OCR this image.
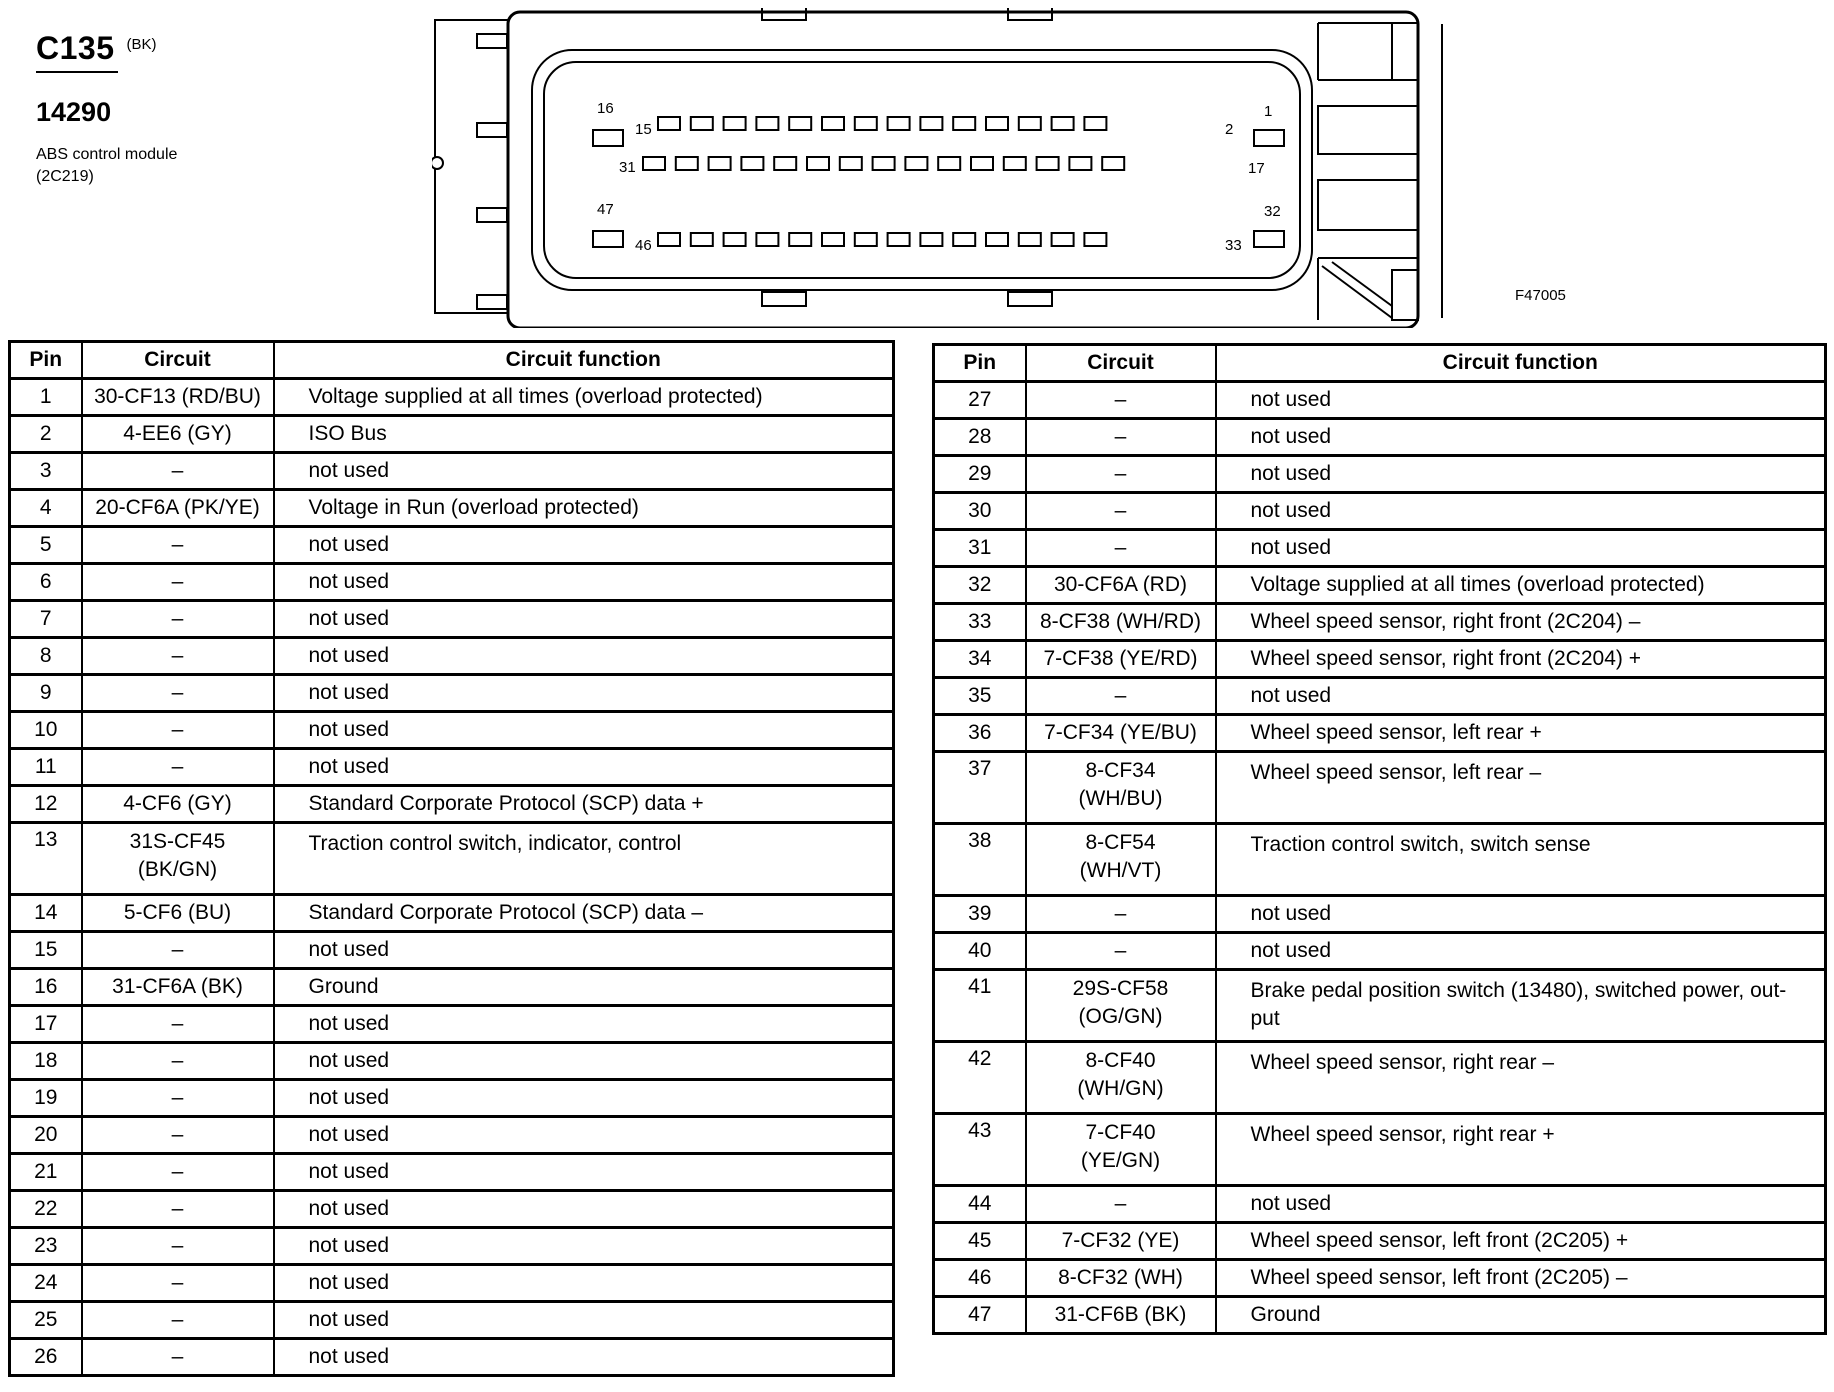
C135 (BK)
14290
ABS control module
(2C219)
16
15	2
1
31	17
47
46	33
32
F47005
Pin	Circuit	Circuit function
1	30-CF13 (RD/BU)	Voltage supplied at all times (overload protected)
2	4-EE6 (GY)	ISO Bus
3	–	not used
4	20-CF6A (PK/YE)	Voltage in Run (overload protected)
5	–	not used
6	–	not used
7	–	not used
8	–	not used
9	–	not used
10	–	not used
11	–	not used
12	4-CF6 (GY)	Standard Corporate Protocol (SCP) data +
13	31S-CF45
(BK/GN)	Traction control switch, indicator, control
14	5-CF6 (BU)	Standard Corporate Protocol (SCP) data –
15	–	not used
16	31-CF6A (BK)	Ground
17	–	not used
18	–	not used
19	–	not used
20	–	not used
21	–	not used
22	–	not used
23	–	not used
24	–	not used
25	–	not used
26	–	not used
Pin	Circuit	Circuit function
27	–	not used
28	–	not used
29	–	not used
30	–	not used
31	–	not used
32	30-CF6A (RD)	Voltage supplied at all times (overload protected)
33	8-CF38 (WH/RD)	Wheel speed sensor, right front (2C204) –
34	7-CF38 (YE/RD)	Wheel speed sensor, right front (2C204) +
35	–	not used
36	7-CF34 (YE/BU)	Wheel speed sensor, left rear +
37	8-CF34
(WH/BU)	Wheel speed sensor, left rear –
38	8-CF54
(WH/VT)	Traction control switch, switch sense
39	–	not used
40	–	not used
41	29S-CF58
(OG/GN)	Brake pedal position switch (13480), switched power, out-put
42	8-CF40
(WH/GN)	Wheel speed sensor, right rear –
43	7-CF40
(YE/GN)	Wheel speed sensor, right rear +
44	–	not used
45	7-CF32 (YE)	Wheel speed sensor, left front (2C205) +
46	8-CF32 (WH)	Wheel speed sensor, left front (2C205) –
47	31-CF6B (BK)	Ground
